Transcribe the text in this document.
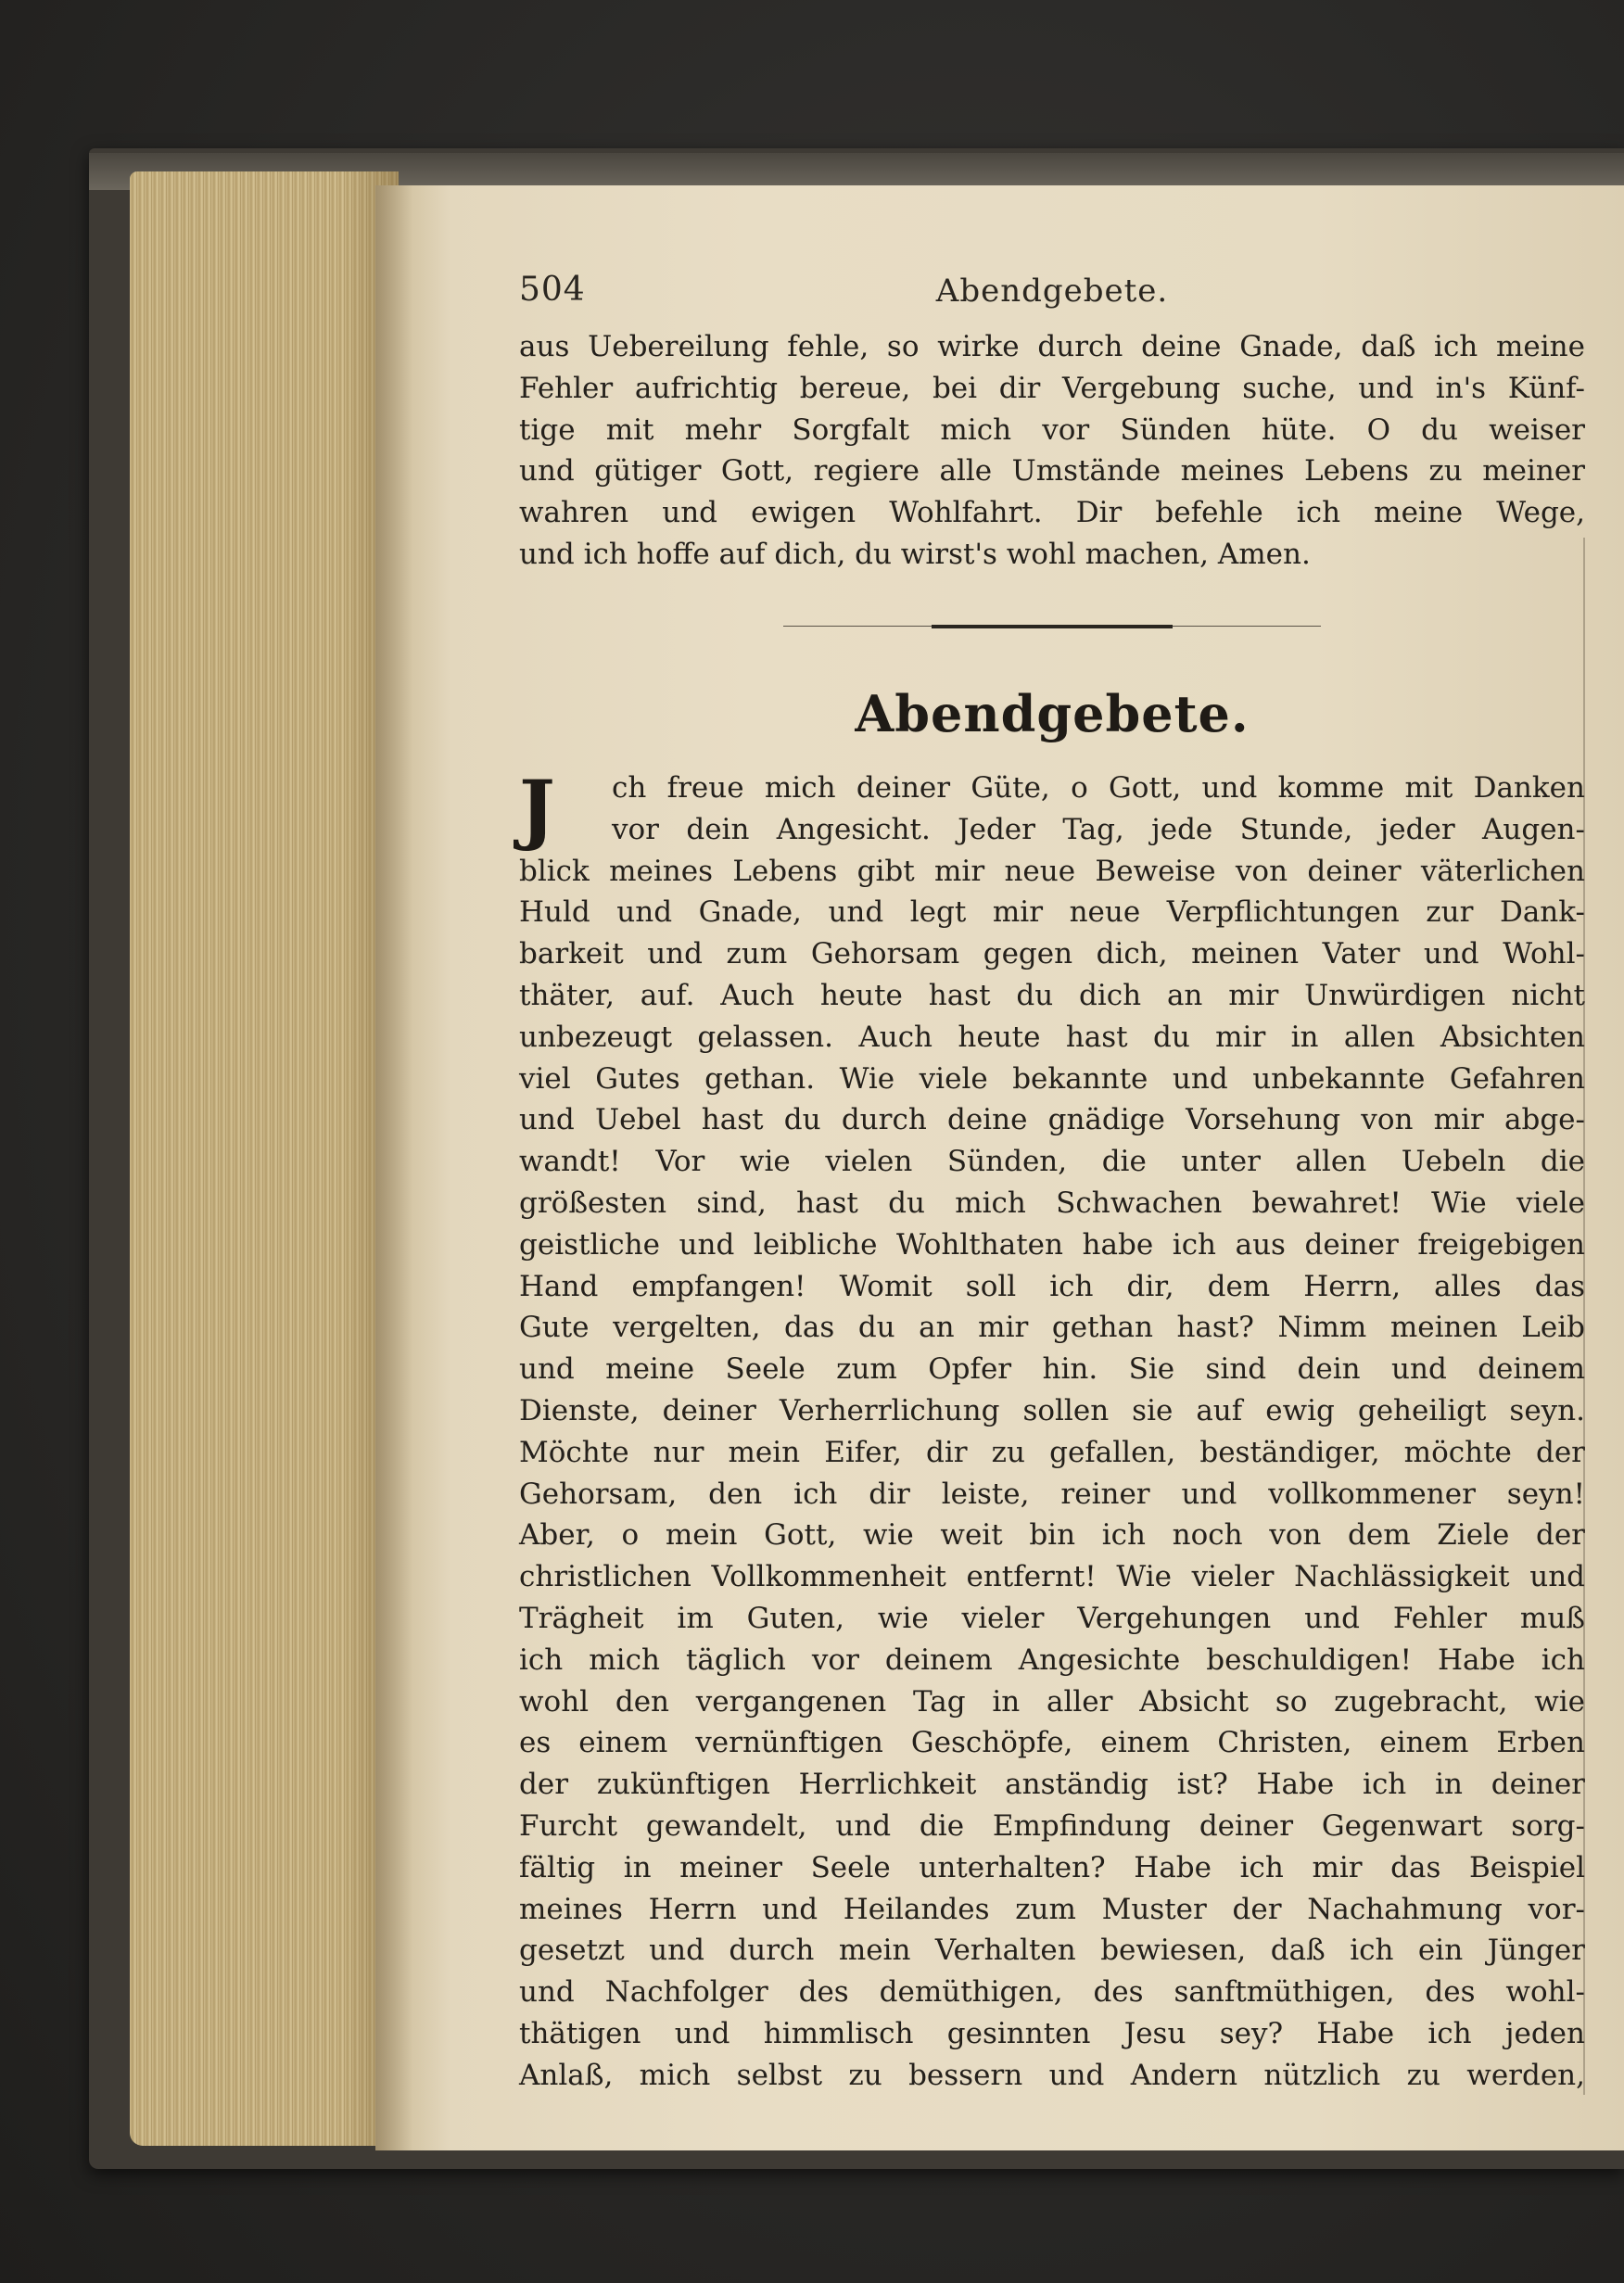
504	Abendgebete.
aus Uebereilung fehle, so wirke durch deine Gnade, daß ich meine
Fehler aufrichtig bereue, bei dir Vergebung suche, und in's Künf-
tige mit mehr Sorgfalt mich vor Sünden hüte. O du weiser
und gütiger Gott, regiere alle Umstände meines Lebens zu meiner
wahren und ewigen Wohlfahrt. Dir befehle ich meine Wege,
und ich hoffe auf dich, du wirst's wohl machen, Amen.
Abendgebete.
J	ch freue mich deiner Güte, o Gott, und komme mit Danken
vor dein Angesicht. Jeder Tag, jede Stunde, jeder Augen-
blick meines Lebens gibt mir neue Beweise von deiner väterlichen
Huld und Gnade, und legt mir neue Verpflichtungen zur Dank-
barkeit und zum Gehorsam gegen dich, meinen Vater und Wohl-
thäter, auf. Auch heute hast du dich an mir Unwürdigen nicht
unbezeugt gelassen. Auch heute hast du mir in allen Absichten
viel Gutes gethan. Wie viele bekannte und unbekannte Gefahren
und Uebel hast du durch deine gnädige Vorsehung von mir abge-
wandt! Vor wie vielen Sünden, die unter allen Uebeln die
größesten sind, hast du mich Schwachen bewahret! Wie viele
geistliche und leibliche Wohlthaten habe ich aus deiner freigebigen
Hand empfangen! Womit soll ich dir, dem Herrn, alles das
Gute vergelten, das du an mir gethan hast? Nimm meinen Leib
und meine Seele zum Opfer hin. Sie sind dein und deinem
Dienste, deiner Verherrlichung sollen sie auf ewig geheiligt seyn.
Möchte nur mein Eifer, dir zu gefallen, beständiger, möchte der
Gehorsam, den ich dir leiste, reiner und vollkommener seyn!
Aber, o mein Gott, wie weit bin ich noch von dem Ziele der
christlichen Vollkommenheit entfernt! Wie vieler Nachlässigkeit und
Trägheit im Guten, wie vieler Vergehungen und Fehler muß
ich mich täglich vor deinem Angesichte beschuldigen! Habe ich
wohl den vergangenen Tag in aller Absicht so zugebracht, wie
es einem vernünftigen Geschöpfe, einem Christen, einem Erben
der zukünftigen Herrlichkeit anständig ist? Habe ich in deiner
Furcht gewandelt, und die Empfindung deiner Gegenwart sorg-
fältig in meiner Seele unterhalten? Habe ich mir das Beispiel
meines Herrn und Heilandes zum Muster der Nachahmung vor-
gesetzt und durch mein Verhalten bewiesen, daß ich ein Jünger
und Nachfolger des demüthigen, des sanftmüthigen, des wohl-
thätigen und himmlisch gesinnten Jesu sey? Habe ich jeden
Anlaß, mich selbst zu bessern und Andern nützlich zu werden,
